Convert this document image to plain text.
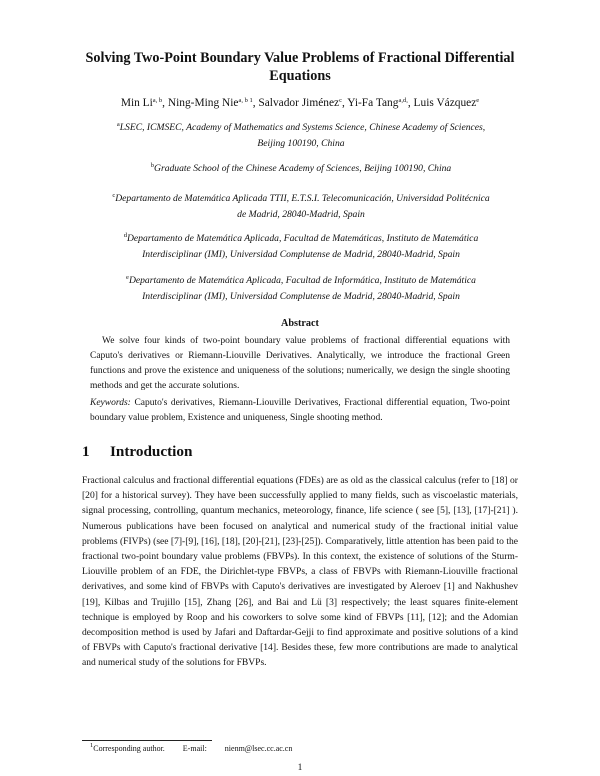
Solving Two-Point Boundary Value Problems of Fractional Differential Equations
Min Li$^{a, b}$, Ning-Ming Nie$^{a, b 1}$, Salvador Jiménez$^c$, Yi-Fa Tang$^{a,d,}$, Luis Vázquez$^e$
$^a$LSEC, ICMSEC, Academy of Mathematics and Systems Science, Chinese Academy of Sciences,
Beijing 100190, China
$^b$Graduate School of the Chinese Academy of Sciences, Beijing 100190, China
$^c$Departamento de Matemática Aplicada TTII, E.T.S.I. Telecomunicación, Universidad Politécnica
de Madrid, 28040-Madrid, Spain
$^d$Departamento de Matemática Aplicada, Facultad de Matemáticas, Instituto de Matemática
Interdisciplinar (IMI), Universidad Complutense de Madrid, 28040-Madrid, Spain
$^e$Departamento de Matemática Aplicada, Facultad de Informática, Instituto de Matemática
Interdisciplinar (IMI), Universidad Complutense de Madrid, 28040-Madrid, Spain
Abstract
We solve four kinds of two-point boundary value problems of fractional differential equations with Caputo's derivatives or Riemann-Liouville Derivatives. Analytically, we introduce the fractional Green functions and prove the existence and uniqueness of the solutions; numerically, we design the single shooting methods and get the accurate solutions.
Keywords: Caputo's derivatives, Riemann-Liouville Derivatives, Fractional differential equation, Two-point boundary value problem, Existence and uniqueness, Single shooting method.
1 Introduction
Fractional calculus and fractional differential equations (FDEs) are as old as the classical calculus (refer to [18] or [20] for a historical survey). They have been successfully applied to many fields, such as viscoelastic materials, signal processing, controlling, quantum mechanics, meteorology, finance, life science ( see [5], [13], [17]-[21] ). Numerous publications have been focused on analytical and numerical study of the fractional initial value problems (FIVPs) (see [7]-[9], [16], [18], [20]-[21], [23]-[25]). Comparatively, little attention has been paid to the fractional two-point boundary value problems (FBVPs). In this context, the existence of solutions of the Sturm-Liouville problem of an FDE, the Dirichlet-type FBVPs, a class of FBVPs with Riemann-Liouville fractional derivatives, and some kind of FBVPs with Caputo's derivatives are investigated by Aleroev [1] and Nakhushev [19], Kilbas and Trujillo [15], Zhang [26], and Bai and Lü [3] respectively; the least squares finite-element technique is employed by Roop and his coworkers to solve some kind of FBVPs [11], [12]; and the Adomian decomposition method is used by Jafari and Daftardar-Gejji to find approximate and positive solutions of a kind of FBVPs with Caputo's fractional derivative [14]. Besides these, few more contributions are made to analytical and numerical study of the solutions for FBVPs.
$^1$Corresponding author. E-mail: nienm@lsec.cc.ac.cn
1
